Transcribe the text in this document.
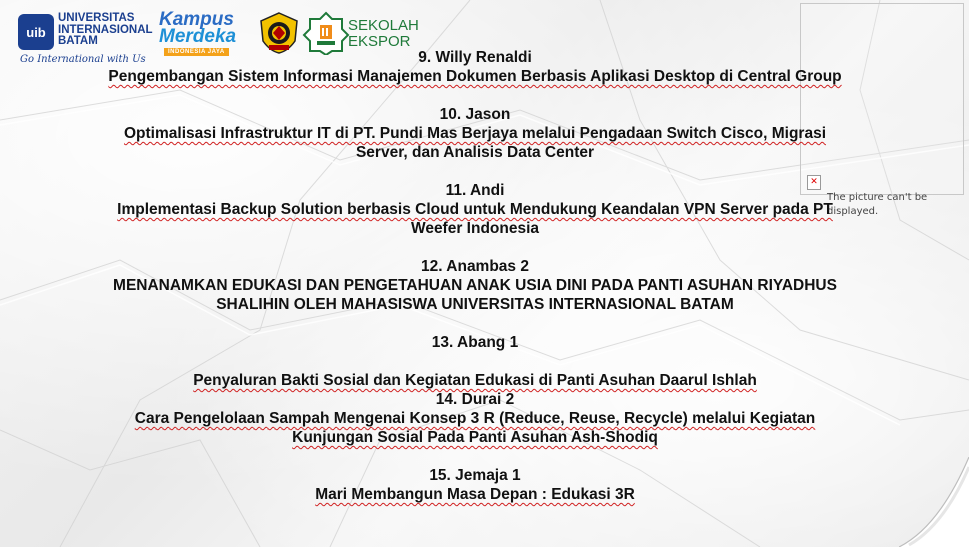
uib
UNIVERSITAS
INTERNASIONAL
BATAM
Go International with Us
Kampus
Merdeka
INDONESIA JAYA
SEKOLAH
EKSPOR
✕
The picture can't be displayed.

9. Willy Renaldi

Pengembangan Sistem Informasi Manajemen Dokumen Berbasis Aplikasi Desktop di Central Group

10. Jason

Optimalisasi Infrastruktur IT di PT. Pundi Mas Berjaya melalui Pengadaan Switch Cisco, Migrasi

Server, dan Analisis Data Center

11. Andi

Implementasi Backup Solution berbasis Cloud untuk Mendukung Keandalan VPN Server pada PT

Weefer Indonesia

12. Anambas 2

MENANAMKAN EDUKASI DAN PENGETAHUAN ANAK USIA DINI PADA PANTI ASUHAN RIYADHUS

SHALIHIN OLEH MAHASISWA UNIVERSITAS INTERNASIONAL BATAM

13. Abang 1

Penyaluran Bakti Sosial dan Kegiatan Edukasi di Panti Asuhan Daarul Ishlah

14. Durai 2

Cara Pengelolaan Sampah Mengenai Konsep 3 R (Reduce, Reuse, Recycle) melalui Kegiatan

Kunjungan Sosial Pada Panti Asuhan Ash-Shodiq

15. Jemaja 1

Mari Membangun Masa Depan : Edukasi 3R
